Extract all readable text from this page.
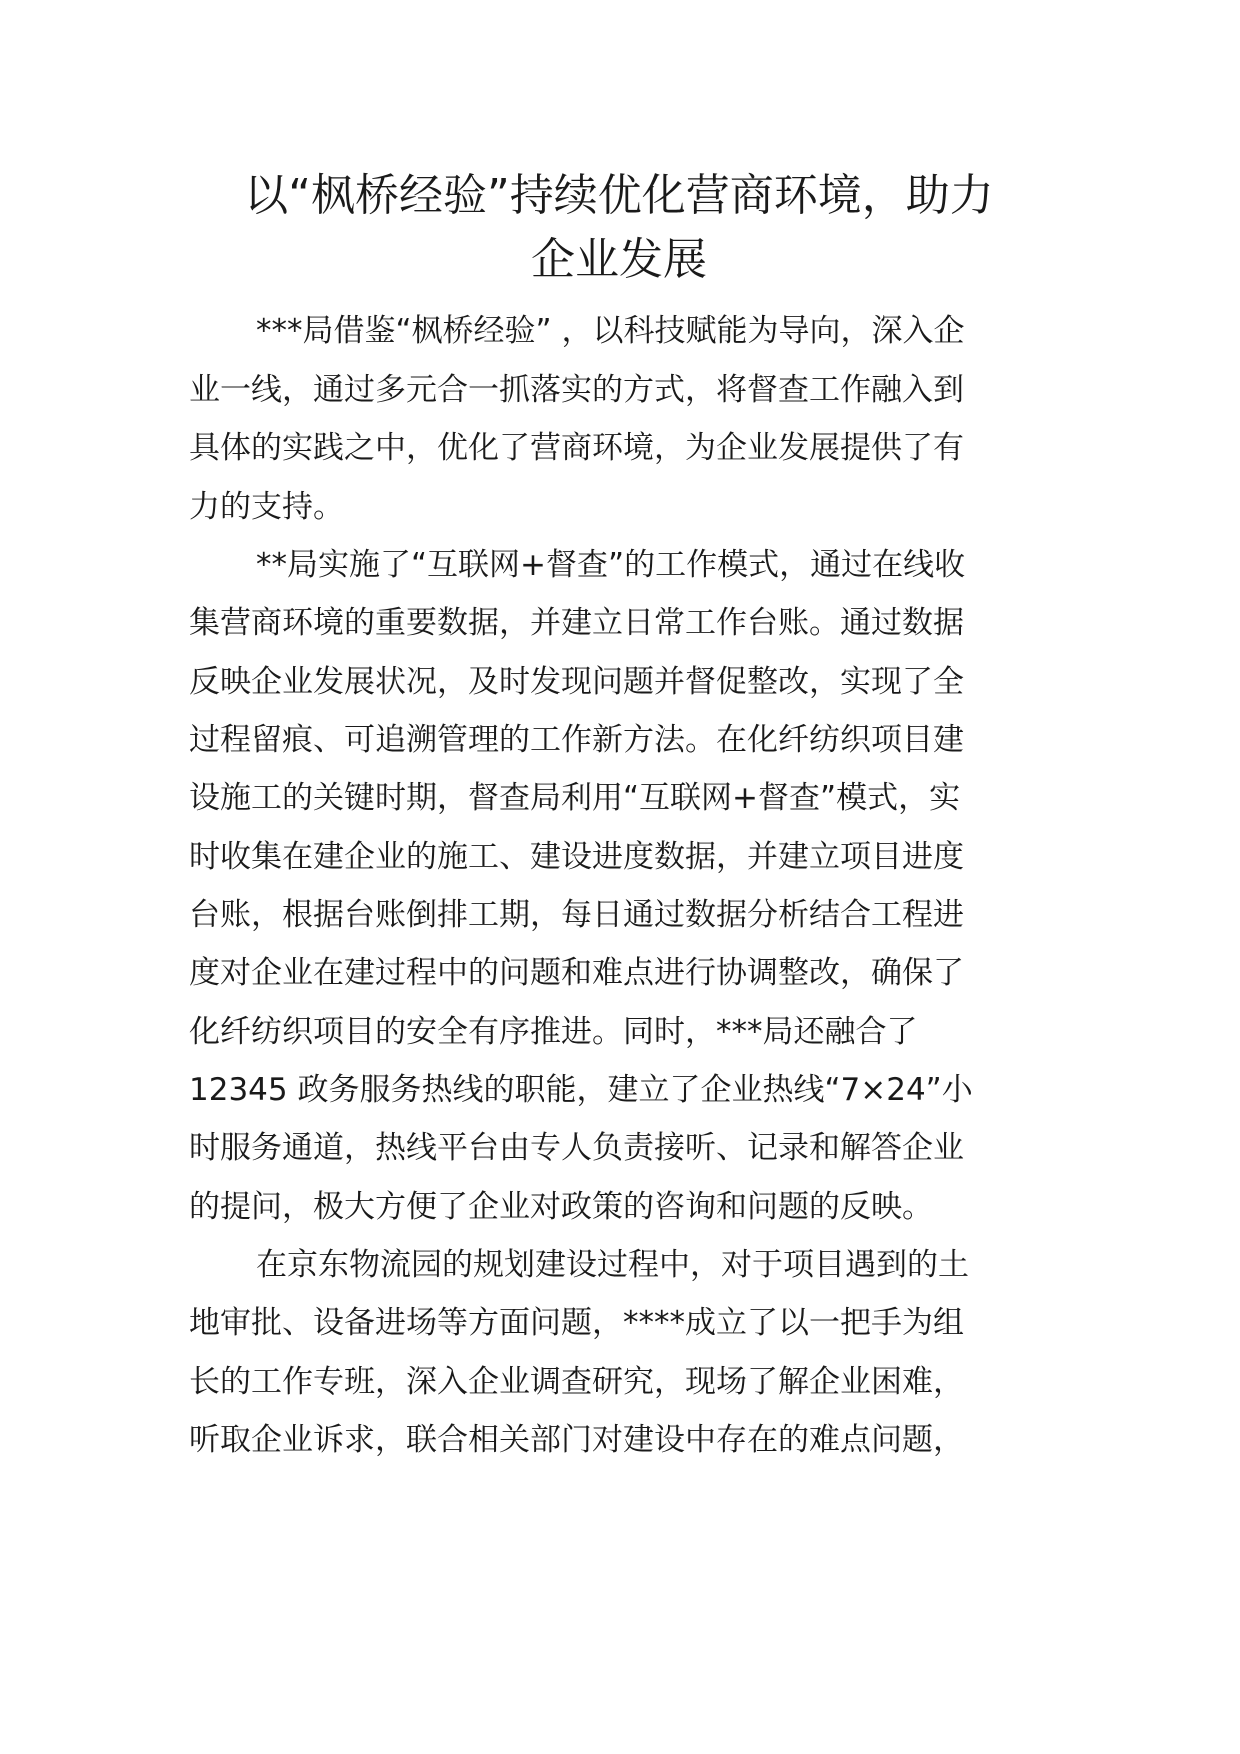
以“枫桥经验”持续优化营商环境，助力
企业发展
***局借鉴“枫桥经验” ，以科技赋能为导向，深入企
业一线，通过多元合一抓落实的方式，将督查工作融入到
具体的实践之中，优化了营商环境，为企业发展提供了有
力的支持。
**局实施了“互联网+督查”的工作模式，通过在线收
集营商环境的重要数据，并建立日常工作台账。通过数据
反映企业发展状况，及时发现问题并督促整改，实现了全
过程留痕、可追溯管理的工作新方法。在化纤纺织项目建
设施工的关键时期，督查局利用“互联网+督查”模式，实
时收集在建企业的施工、建设进度数据，并建立项目进度
台账，根据台账倒排工期，每日通过数据分析结合工程进
度对企业在建过程中的问题和难点进行协调整改，确保了
化纤纺织项目的安全有序推进。同时，***局还融合了
12345 政务服务热线的职能，建立了企业热线“7×24”小
时服务通道，热线平台由专人负责接听、记录和解答企业
的提问，极大方便了企业对政策的咨询和问题的反映。
在京东物流园的规划建设过程中，对于项目遇到的土
地审批、设备进场等方面问题，****成立了以一把手为组
长的工作专班，深入企业调查研究，现场了解企业困难，
听取企业诉求，联合相关部门对建设中存在的难点问题，
